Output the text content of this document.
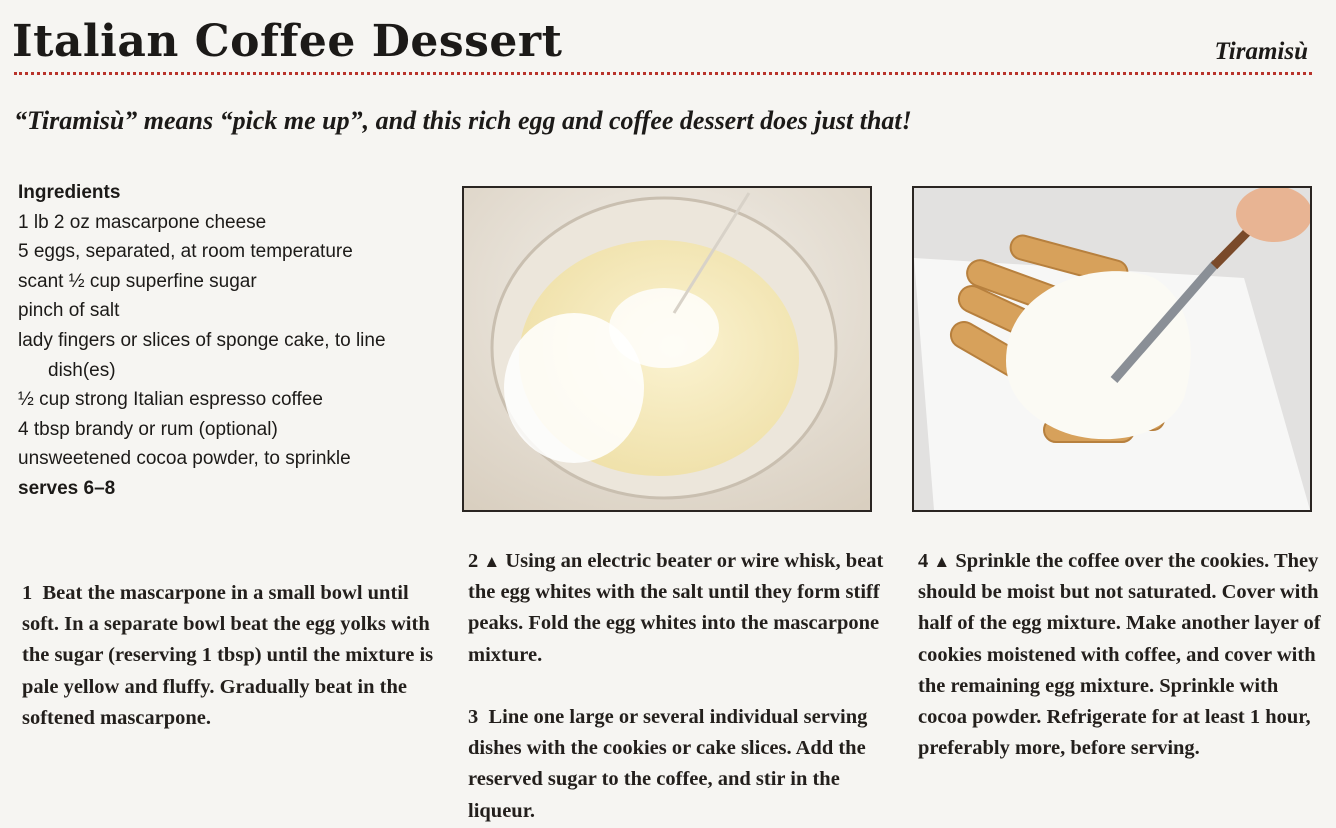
Italian Coffee Dessert	Tiramisù
“Tiramisù” means “pick me up”, and this rich egg and coffee dessert does just that!
Ingredients
1 lb 2 oz mascarpone cheese
5 eggs, separated, at room temperature
scant ½ cup superfine sugar
pinch of salt
lady fingers or slices of sponge cake, to line dish(es)
½ cup strong Italian espresso coffee
4 tbsp brandy or rum (optional)
unsweetened cocoa powder, to sprinkle
serves 6–8
1 Beat the mascarpone in a small bowl until soft. In a separate bowl beat the egg yolks with the sugar (reserving 1 tbsp) until the mixture is pale yellow and fluffy. Gradually beat in the softened mascarpone.
2 ▲ Using an electric beater or wire whisk, beat the egg whites with the salt until they form stiff peaks. Fold the egg whites into the mascarpone mixture.
3 Line one large or several individual serving dishes with the cookies or cake slices. Add the reserved sugar to the coffee, and stir in the liqueur.
4 ▲ Sprinkle the coffee over the cookies. They should be moist but not saturated. Cover with half of the egg mixture. Make another layer of cookies moistened with coffee, and cover with the remaining egg mixture. Sprinkle with cocoa powder. Refrigerate for at least 1 hour, preferably more, before serving.
